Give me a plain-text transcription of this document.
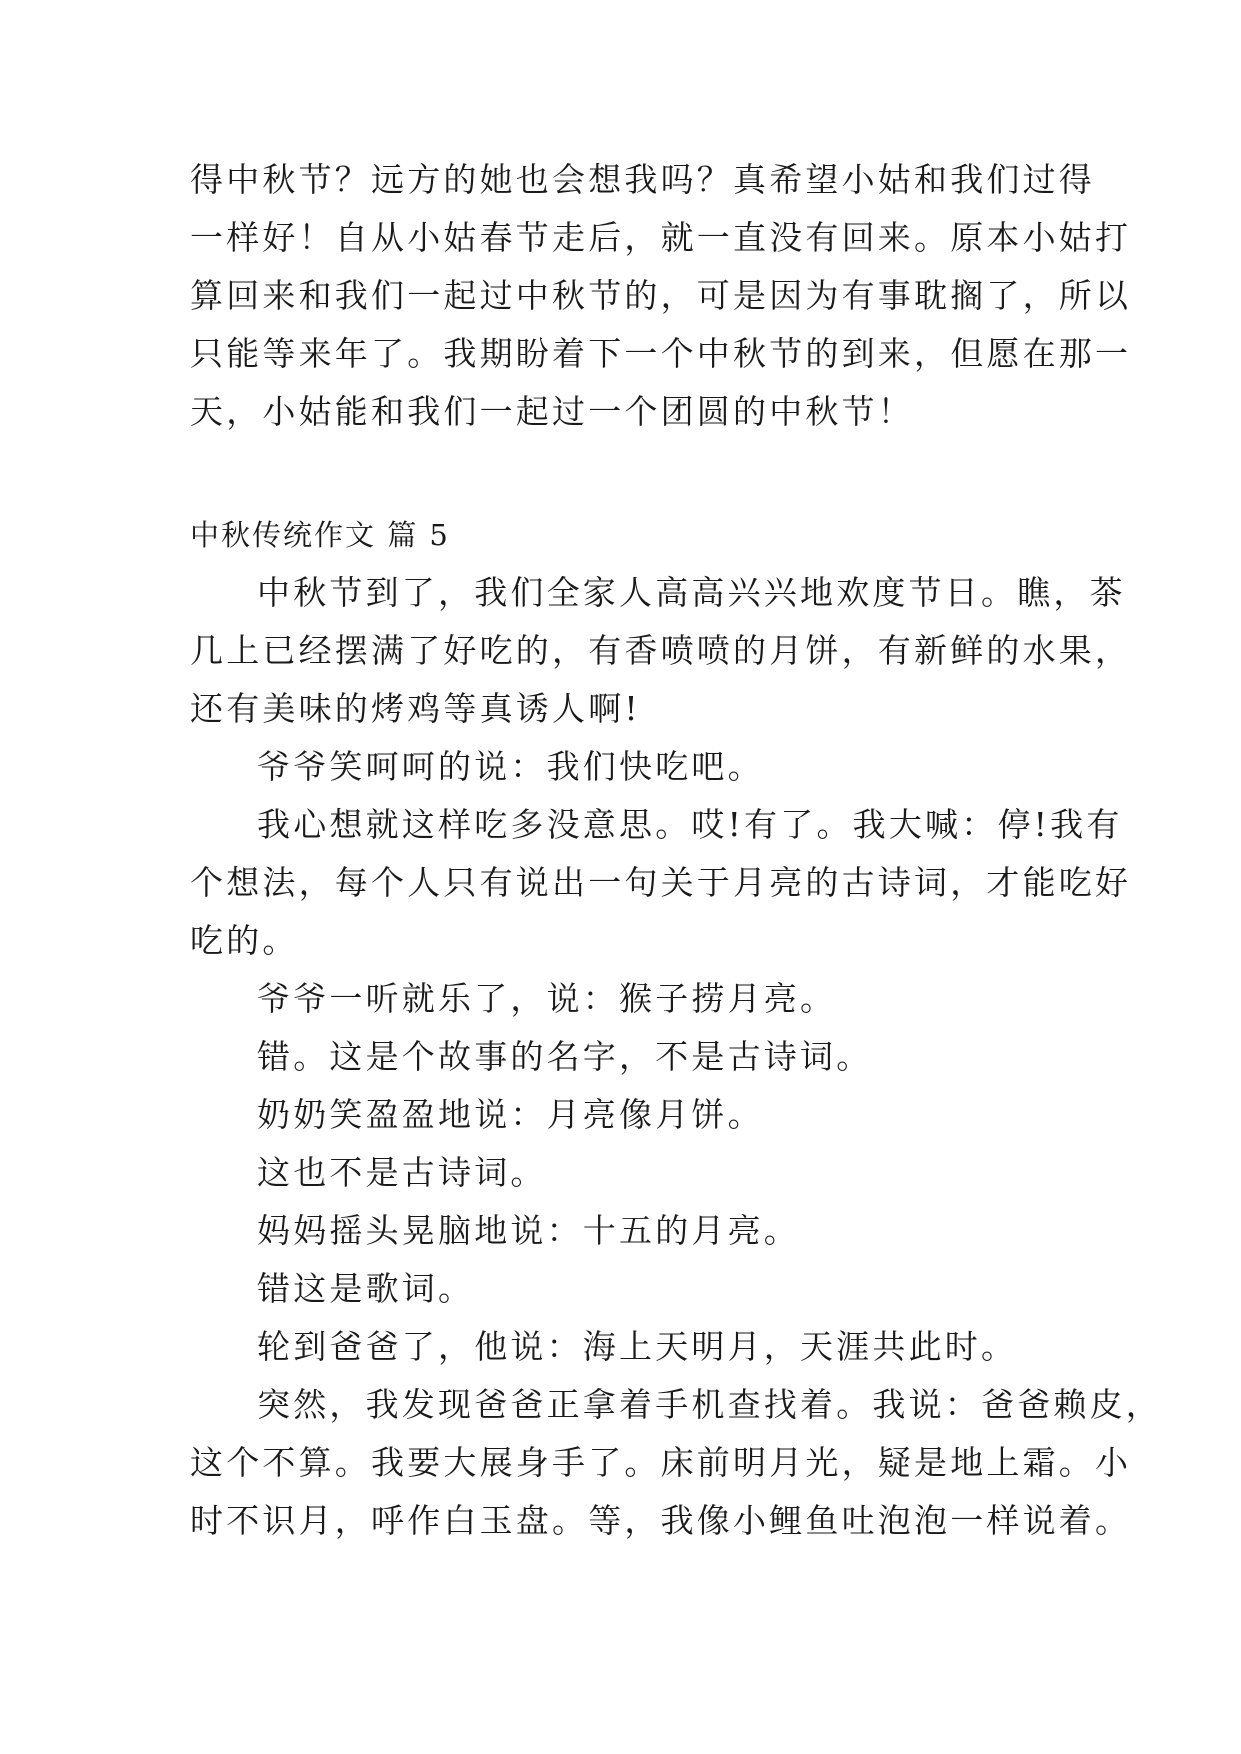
得中秋节？远方的她也会想我吗？真希望小姑和我们过得
一样好！自从小姑春节走后，就一直没有回来。原本小姑打
算回来和我们一起过中秋节的，可是因为有事耽搁了，所以
只能等来年了。我期盼着下一个中秋节的到来，但愿在那一
天，小姑能和我们一起过一个团圆的中秋节！
中秋传统作文 篇 5
中秋节到了，我们全家人高高兴兴地欢度节日。瞧，茶
几上已经摆满了好吃的，有香喷喷的月饼，有新鲜的水果，
还有美味的烤鸡等真诱人啊!
爷爷笑呵呵的说：我们快吃吧。
我心想就这样吃多没意思。哎!有了。我大喊：停!我有
个想法，每个人只有说出一句关于月亮的古诗词，才能吃好
吃的。
爷爷一听就乐了，说：猴子捞月亮。
错。这是个故事的名字，不是古诗词。
奶奶笑盈盈地说：月亮像月饼。
这也不是古诗词。
妈妈摇头晃脑地说：十五的月亮。
错这是歌词。
轮到爸爸了，他说：海上天明月，天涯共此时。
突然，我发现爸爸正拿着手机查找着。我说：爸爸赖皮，
这个不算。我要大展身手了。床前明月光，疑是地上霜。小
时不识月，呼作白玉盘。等，我像小鲤鱼吐泡泡一样说着。
